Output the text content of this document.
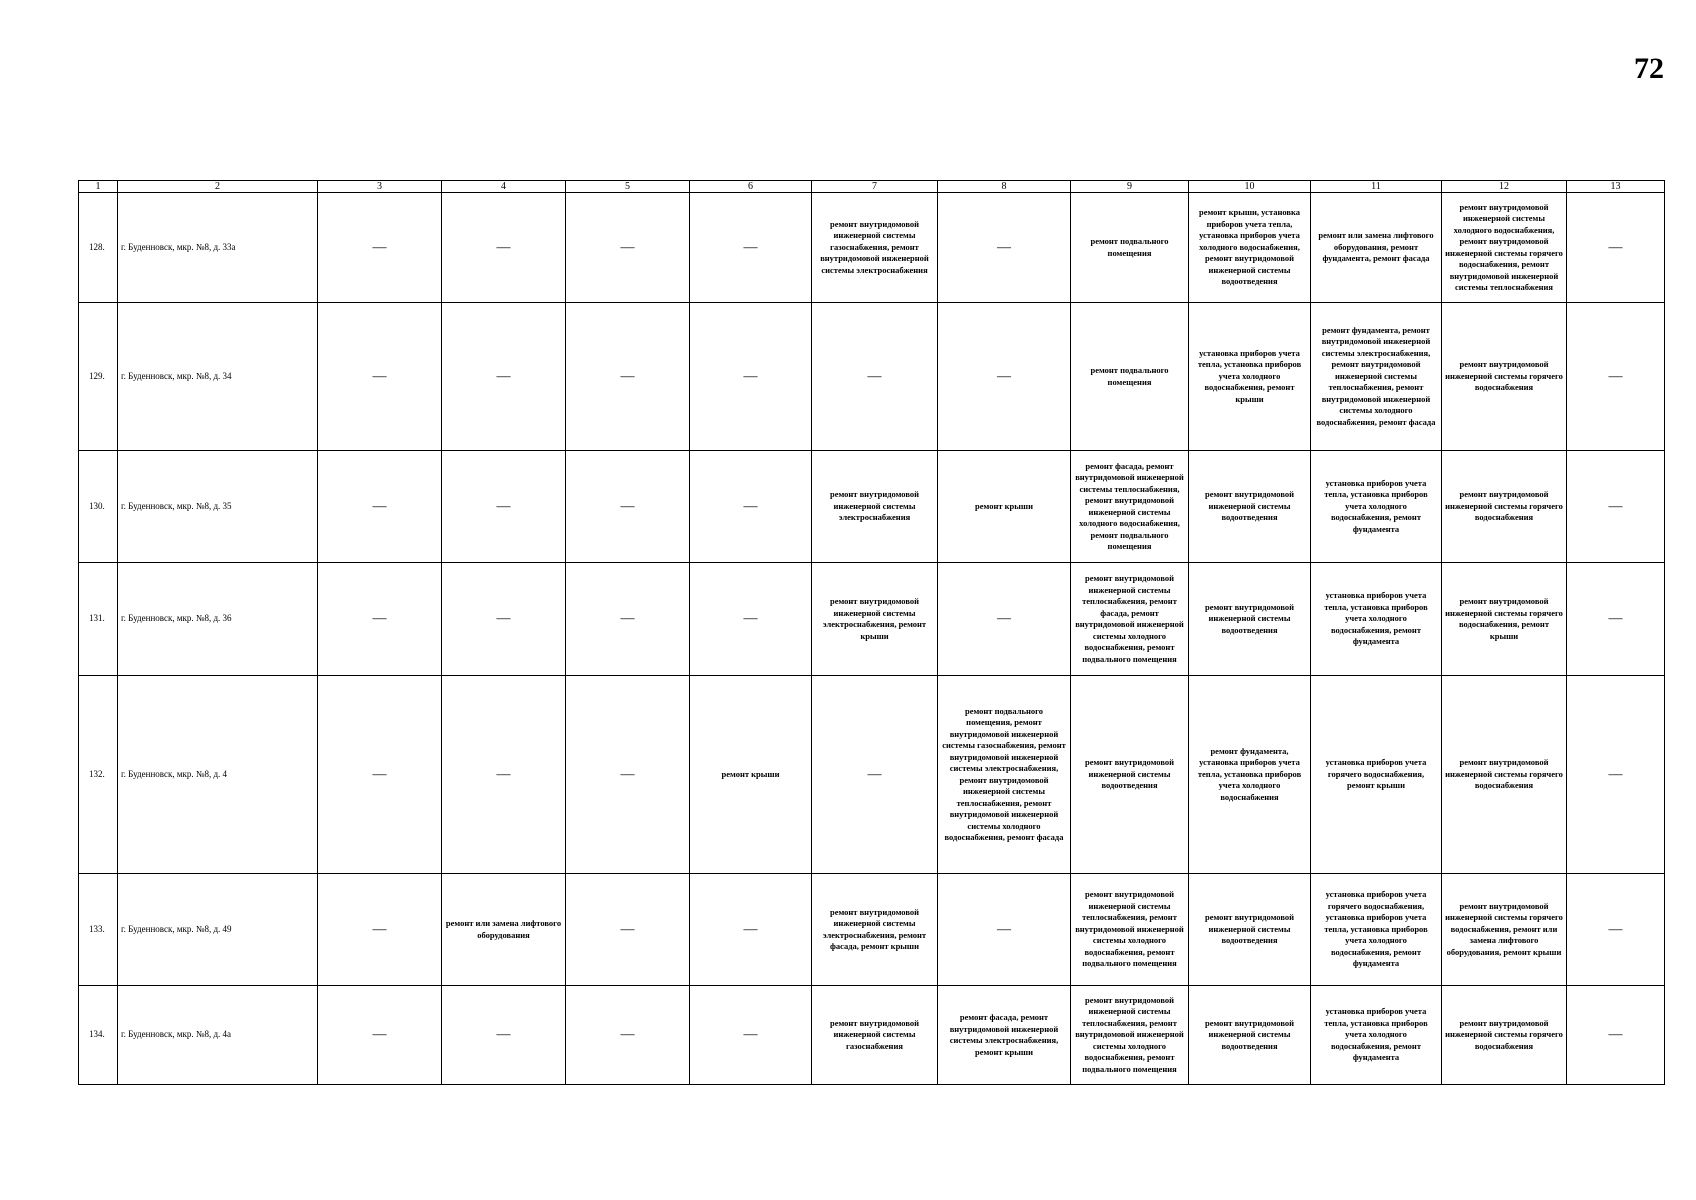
72
1	2	3	4	5	6	7	8	9	10	11	12	13
128.	г. Буденновск, мкр. №8, д. 33а	—	—	—	—	ремонт внутридомовой инженерной системы газоснабжения, ремонт внутридомовой инженерной системы электроснабжения	—	ремонт подвального помещения	ремонт крыши, установка приборов учета тепла, установка приборов учета холодного водоснабжения, ремонт внутридомовой инженерной системы водоотведения	ремонт или замена лифтового оборудования, ремонт фундамента, ремонт фасада	ремонт внутридомовой инженерной системы холодного водоснабжения, ремонт внутридомовой инженерной системы горячего водоснабжения, ремонт внутридомовой инженерной системы теплоснабжения	—
129.	г. Буденновск, мкр. №8, д. 34	—	—	—	—	—	—	ремонт подвального помещения	установка приборов учета тепла, установка приборов учета холодного водоснабжения, ремонт крыши	ремонт фундамента, ремонт внутридомовой инженерной системы электроснабжения, ремонт внутридомовой инженерной системы теплоснабжения, ремонт внутридомовой инженерной системы холодного водоснабжения, ремонт фасада	ремонт внутридомовой инженерной системы горячего водоснабжения	—
130.	г. Буденновск, мкр. №8, д. 35	—	—	—	—	ремонт внутридомовой инженерной системы электроснабжения	ремонт крыши	ремонт фасада, ремонт внутридомовой инженерной системы теплоснабжения, ремонт внутридомовой инженерной системы холодного водоснабжения, ремонт подвального помещения	ремонт внутридомовой инженерной системы водоотведения	установка приборов учета тепла, установка приборов учета холодного водоснабжения, ремонт фундамента	ремонт внутридомовой инженерной системы горячего водоснабжения	—
131.	г. Буденновск, мкр. №8, д. 36	—	—	—	—	ремонт внутридомовой инженерной системы электроснабжения, ремонт крыши	—	ремонт внутридомовой инженерной системы теплоснабжения, ремонт фасада, ремонт внутридомовой инженерной системы холодного водоснабжения, ремонт подвального помещения	ремонт внутридомовой инженерной системы водоотведения	установка приборов учета тепла, установка приборов учета холодного водоснабжения, ремонт фундамента	ремонт внутридомовой инженерной системы горячего водоснабжения, ремонт крыши	—
132.	г. Буденновск, мкр. №8, д. 4	—	—	—	ремонт крыши	—	ремонт подвального помещения, ремонт внутридомовой инженерной системы газоснабжения, ремонт внутридомовой инженерной системы электроснабжения, ремонт внутридомовой инженерной системы теплоснабжения, ремонт внутридомовой инженерной системы холодного водоснабжения, ремонт фасада	ремонт внутридомовой инженерной системы водоотведения	ремонт фундамента, установка приборов учета тепла, установка приборов учета холодного водоснабжения	установка приборов учета горячего водоснабжения, ремонт крыши	ремонт внутридомовой инженерной системы горячего водоснабжения	—
133.	г. Буденновск, мкр. №8, д. 49	—	ремонт или замена лифтового оборудования	—	—	ремонт внутридомовой инженерной системы электроснабжения, ремонт фасада, ремонт крыши	—	ремонт внутридомовой инженерной системы теплоснабжения, ремонт внутридомовой инженерной системы холодного водоснабжения, ремонт подвального помещения	ремонт внутридомовой инженерной системы водоотведения	установка приборов учета горячего водоснабжения, установка приборов учета тепла, установка приборов учета холодного водоснабжения, ремонт фундамента	ремонт внутридомовой инженерной системы горячего водоснабжения, ремонт или замена лифтового оборудования, ремонт крыши	—
134.	г. Буденновск, мкр. №8, д. 4а	—	—	—	—	ремонт внутридомовой инженерной системы газоснабжения	ремонт фасада, ремонт внутридомовой инженерной системы электроснабжения, ремонт крыши	ремонт внутридомовой инженерной системы теплоснабжения, ремонт внутридомовой инженерной системы холодного водоснабжения, ремонт подвального помещения	ремонт внутридомовой инженерной системы водоотведения	установка приборов учета тепла, установка приборов учета холодного водоснабжения, ремонт фундамента	ремонт внутридомовой инженерной системы горячего водоснабжения	—
